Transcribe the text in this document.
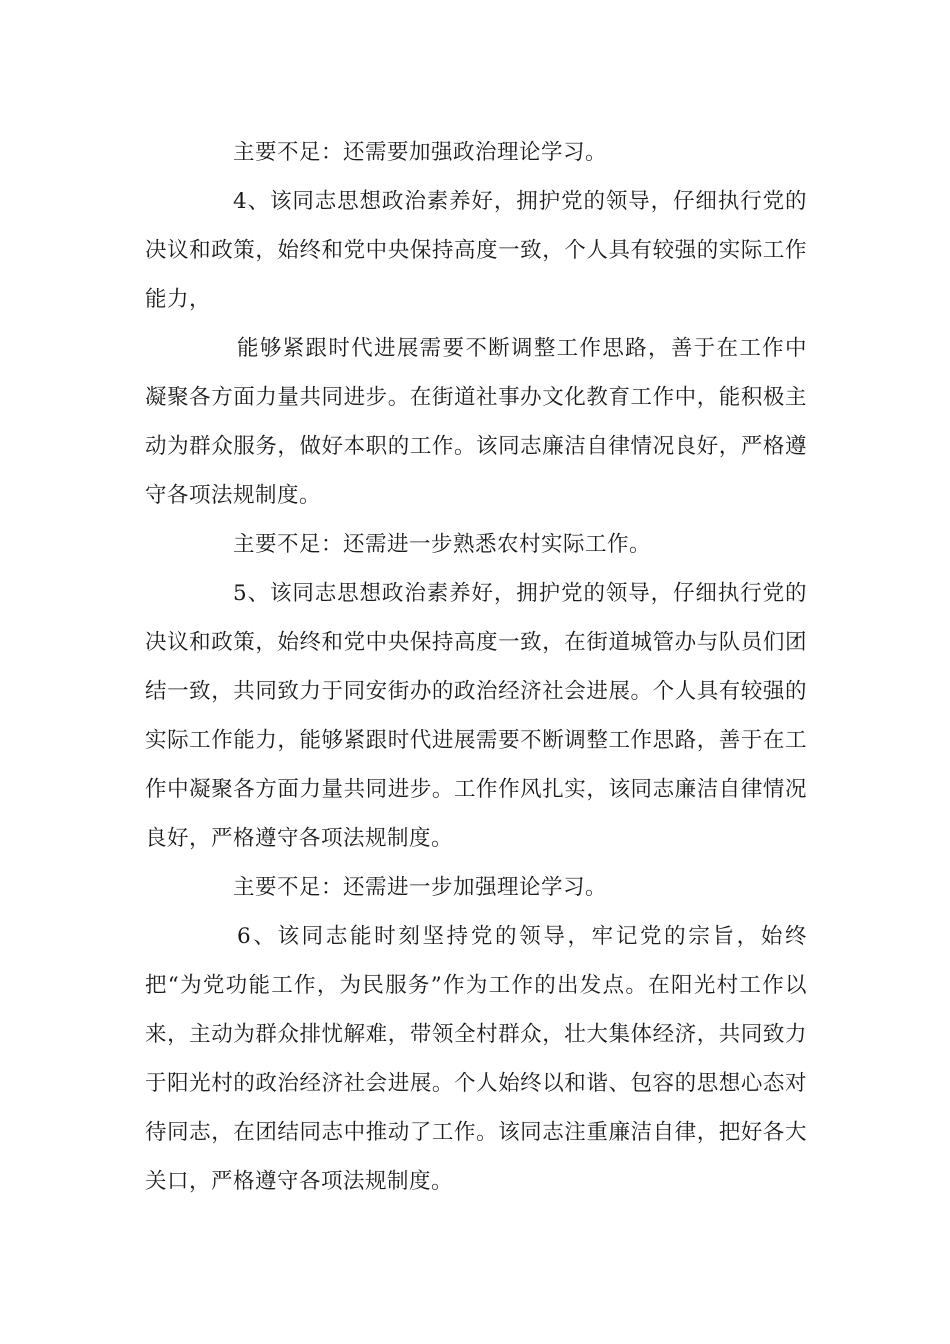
主要不足：还需要加强政治理论学习。

4、该同志思想政治素养好，拥护党的领导，仔细执行党的决议和政策，始终和党中央保持高度一致，个人具有较强的实际工作能力，

能够紧跟时代进展需要不断调整工作思路，善于在工作中凝聚各方面力量共同进步。在街道社事办文化教育工作中，能积极主动为群众服务，做好本职的工作。该同志廉洁自律情况良好，严格遵守各项法规制度。

主要不足：还需进一步熟悉农村实际工作。

5、该同志思想政治素养好，拥护党的领导，仔细执行党的决议和政策，始终和党中央保持高度一致，在街道城管办与队员们团结一致，共同致力于同安街办的政治经济社会进展。个人具有较强的实际工作能力，能够紧跟时代进展需要不断调整工作思路，善于在工作中凝聚各方面力量共同进步。工作作风扎实，该同志廉洁自律情况良好，严格遵守各项法规制度。

主要不足：还需进一步加强理论学习。

6、该同志能时刻坚持党的领导，牢记党的宗旨，始终把“为党功能工作，为民服务”作为工作的出发点。在阳光村工作以来，主动为群众排忧解难，带领全村群众，壮大集体经济，共同致力于阳光村的政治经济社会进展。个人始终以和谐、包容的思想心态对待同志，在团结同志中推动了工作。该同志注重廉洁自律，把好各大关口，严格遵守各项法规制度。
